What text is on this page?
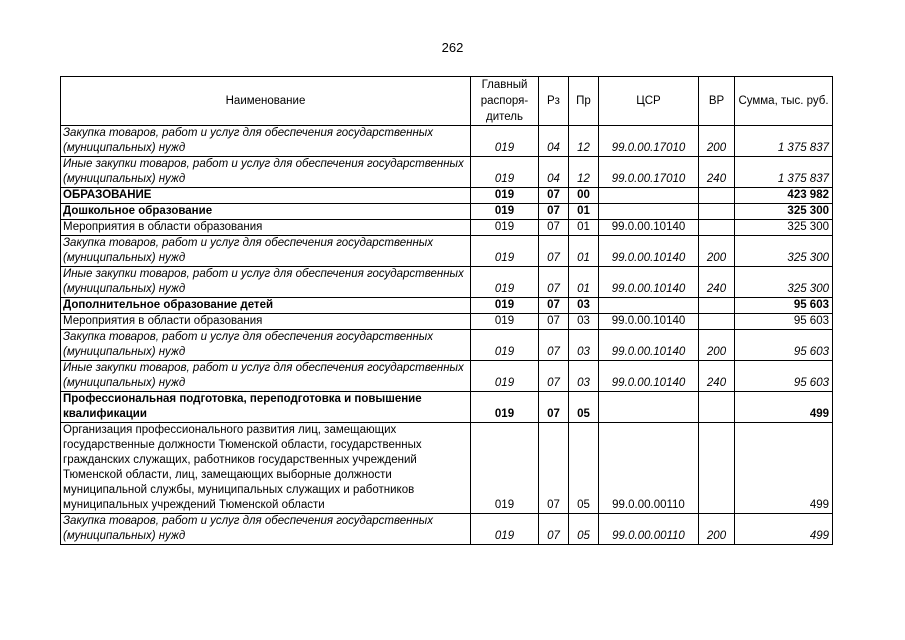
262
Наименование	Главный распоря-дитель	Рз	Пр	ЦСР	ВР	Сумма, тыс. руб.
Закупка товаров, работ и услуг для обеспечения государственных (муниципальных) нужд	019	04	12	99.0.00.17010	200	1 375 837
Иные закупки товаров, работ и услуг для обеспечения государственных (муниципальных) нужд	019	04	12	99.0.00.17010	240	1 375 837
ОБРАЗОВАНИЕ	019	07	00			423 982
Дошкольное образование	019	07	01			325 300
Мероприятия в области образования	019	07	01	99.0.00.10140		325 300
Закупка товаров, работ и услуг для обеспечения государственных (муниципальных) нужд	019	07	01	99.0.00.10140	200	325 300
Иные закупки товаров, работ и услуг для обеспечения государственных (муниципальных) нужд	019	07	01	99.0.00.10140	240	325 300
Дополнительное образование детей	019	07	03			95 603
Мероприятия в области образования	019	07	03	99.0.00.10140		95 603
Закупка товаров, работ и услуг для обеспечения государственных (муниципальных) нужд	019	07	03	99.0.00.10140	200	95 603
Иные закупки товаров, работ и услуг для обеспечения государственных (муниципальных) нужд	019	07	03	99.0.00.10140	240	95 603
Профессиональная подготовка, переподготовка и повышение квалификации	019	07	05			499
Организация профессионального развития лиц, замещающих государственные должности Тюменской области, государственных гражданских служащих, работников государственных учреждений Тюменской области, лиц, замещающих выборные должности муниципальной службы, муниципальных служащих и работников муниципальных учреждений Тюменской области	019	07	05	99.0.00.00110		499
Закупка товаров, работ и услуг для обеспечения государственных (муниципальных) нужд	019	07	05	99.0.00.00110	200	499
